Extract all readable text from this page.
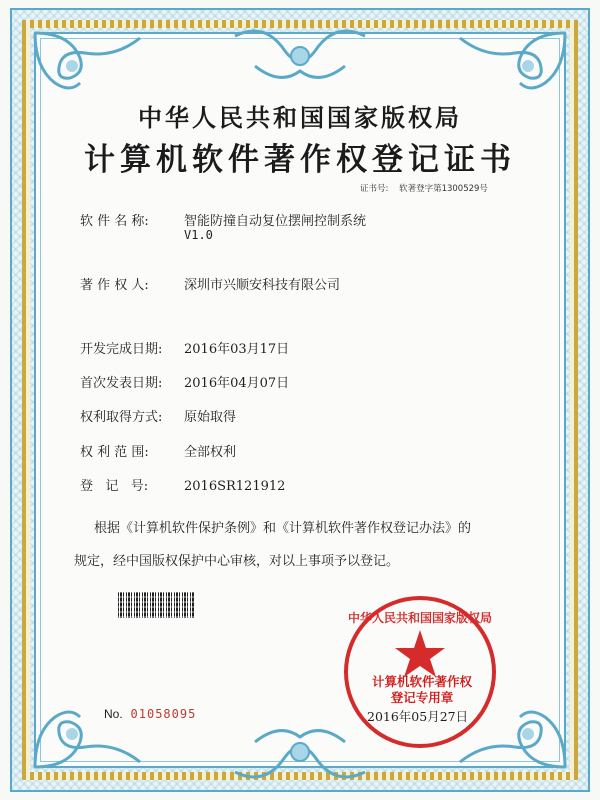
中华人民共和国国家版权局
计算机软件著作权登记证书
证书号: 软著登字第1300529号
软 件 名 称:	智能防撞自动复位摆闸控制系统
V1.0
著 作 权 人:	深圳市兴顺安科技有限公司
开发完成日期: 2016年03月17日
首次发表日期: 2016年04月07日
权利取得方式: 原始取得
权 利 范 围:	全部权利
登   记   号:	2016SR121912
根据《计算机软件保护条例》和《计算机软件著作权登记办法》的
规定，经中国版权保护中心审核，对以上事项予以登记。
中华人民共和国国家版权局
计算机软件著作权
登记专用章
No. 01058095	2016年05月27日
